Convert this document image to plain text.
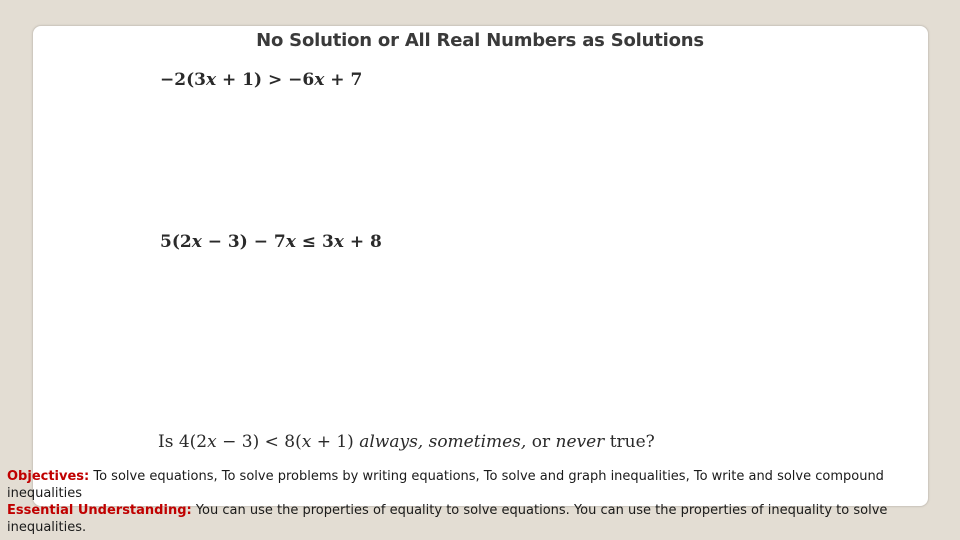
No Solution or All Real Numbers as Solutions
−2(3x + 1) > −6x + 7
5(2x − 3) − 7x ≤ 3x + 8
Is 4(2x − 3) < 8(x + 1) always, sometimes, or never true?
Objectives: To solve equations, To solve problems by writing equations, To solve and graph inequalities, To write and solve compound inequalities
Essential Understanding: You can use the properties of equality to solve equations. You can use the properties of inequality to solve inequalities.
